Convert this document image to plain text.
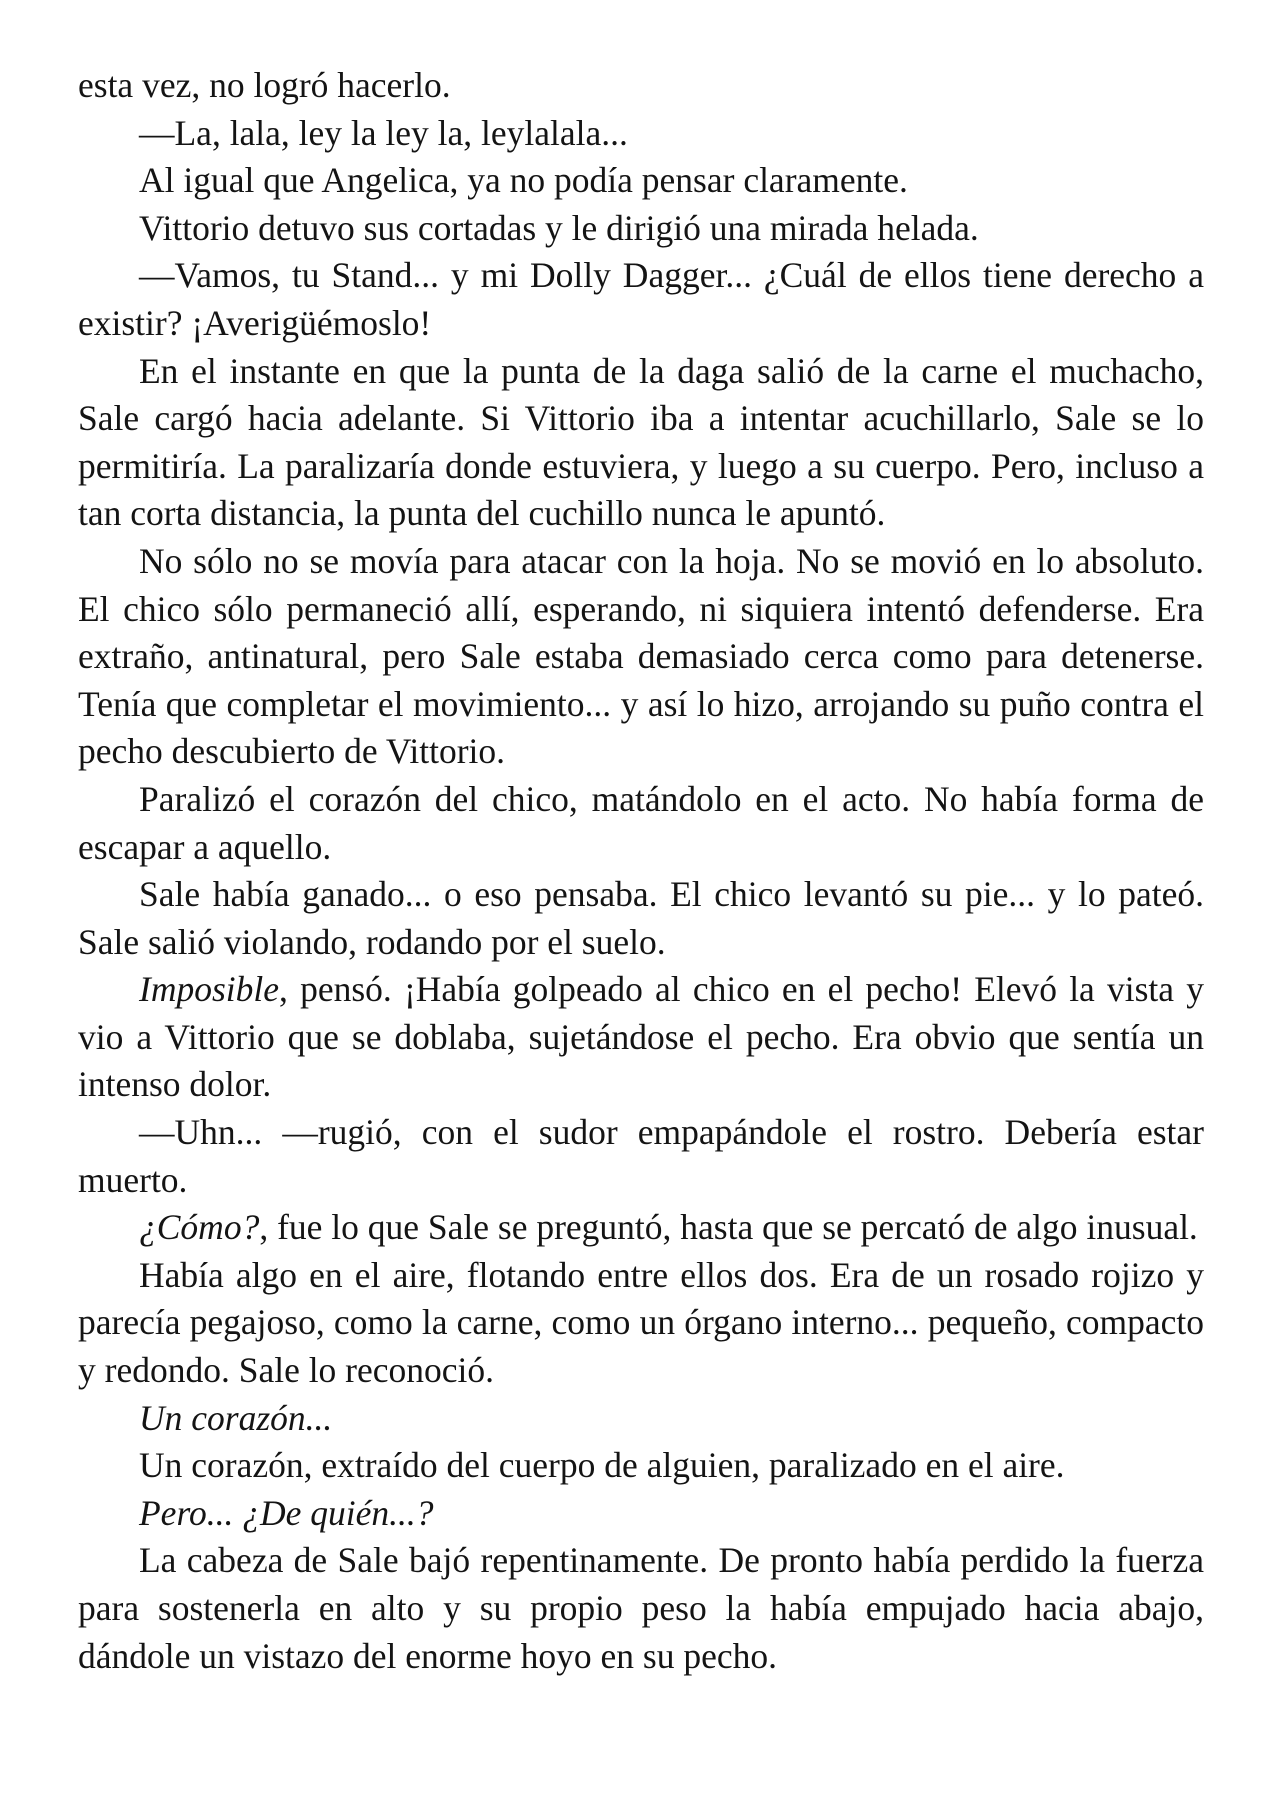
esta vez, no logró hacerlo.

—La, lala, ley la ley la, leylalala...

Al igual que Angelica, ya no podía pensar claramente.

Vittorio detuvo sus cortadas y le dirigió una mirada helada.

—Vamos, tu Stand... y mi Dolly Dagger... ¿Cuál de ellos tiene derecho a existir? ¡Averigüémoslo!

En el instante en que la punta de la daga salió de la carne el muchacho, Sale cargó hacia adelante. Si Vittorio iba a intentar acuchillarlo, Sale se lo permitiría. La paralizaría donde estuviera, y luego a su cuerpo. Pero, incluso a tan corta distancia, la punta del cuchillo nunca le apuntó.

No sólo no se movía para atacar con la hoja. No se movió en lo absoluto. El chico sólo permaneció allí, esperando, ni siquiera intentó defenderse. Era extraño, antinatural, pero Sale estaba demasiado cerca como para detenerse. Tenía que completar el movimiento... y así lo hizo, arrojando su puño contra el pecho descubierto de Vittorio.

Paralizó el corazón del chico, matándolo en el acto. No había forma de escapar a aquello.

Sale había ganado... o eso pensaba. El chico levantó su pie... y lo pateó. Sale salió violando, rodando por el suelo.

Imposible, pensó. ¡Había golpeado al chico en el pecho! Elevó la vista y vio a Vittorio que se doblaba, sujetándose el pecho. Era obvio que sentía un intenso dolor.

—Uhn... —rugió, con el sudor empapándole el rostro. Debería estar muerto.

¿Cómo?, fue lo que Sale se preguntó, hasta que se percató de algo inusual.

Había algo en el aire, flotando entre ellos dos. Era de un rosado rojizo y parecía pegajoso, como la carne, como un órgano interno... pequeño, compacto y redondo. Sale lo reconoció.

Un corazón...

Un corazón, extraído del cuerpo de alguien, paralizado en el aire.

Pero... ¿De quién...?

La cabeza de Sale bajó repentinamente. De pronto había perdido la fuerza para sostenerla en alto y su propio peso la había empujado hacia abajo, dándole un vistazo del enorme hoyo en su pecho.
